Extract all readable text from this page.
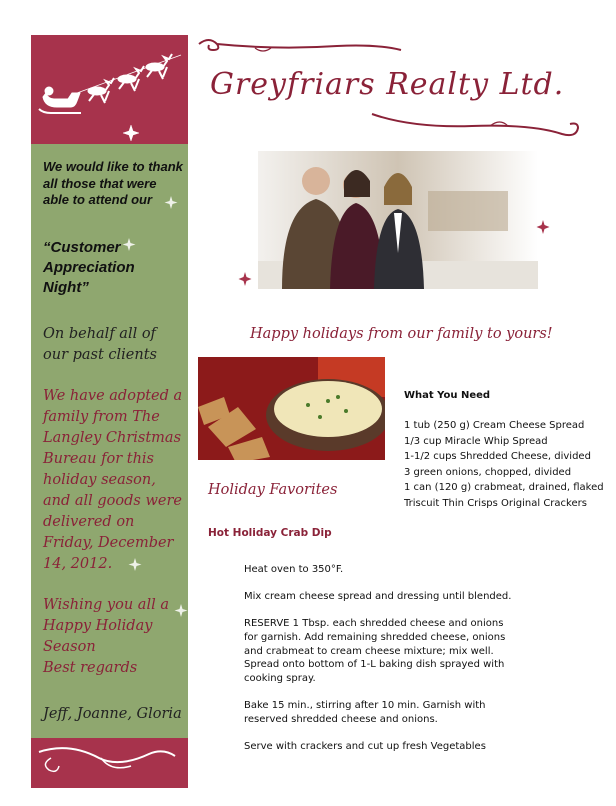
We would like to thank all those that were able to attend our
“Customer Appreciation Night”
On behalf all of our past clients
We have adopted a family from The Langley Christmas Bureau for this holiday season, and all goods were delivered on Friday, December 14, 2012.
Wishing you all a
Happy Holiday
Season
Best regards
Jeff, Joanne, Gloria
Greyfriars Realty Ltd.
Happy holidays from our family to yours!
What You Need
1 tub (250 g) Cream Cheese Spread
1/3 cup Miracle Whip Spread
1-1/2 cups Shredded Cheese, divided
3 green onions, chopped, divided
1 can (120 g) crabmeat, drained, flaked
Triscuit Thin Crisps Original Crackers
Holiday Favorites
Hot Holiday Crab Dip

Heat oven to 350°F.

Mix cream cheese spread and dressing until blended.

RESERVE 1 Tbsp. each shredded cheese and onions for garnish. Add remaining shredded cheese, onions and crabmeat to cream cheese mixture; mix well. Spread onto bottom of 1-L baking dish sprayed with cooking spray.

Bake 15 min., stirring after 10 min. Garnish with reserved shredded cheese and onions.

Serve with crackers and cut up fresh Vegetables
